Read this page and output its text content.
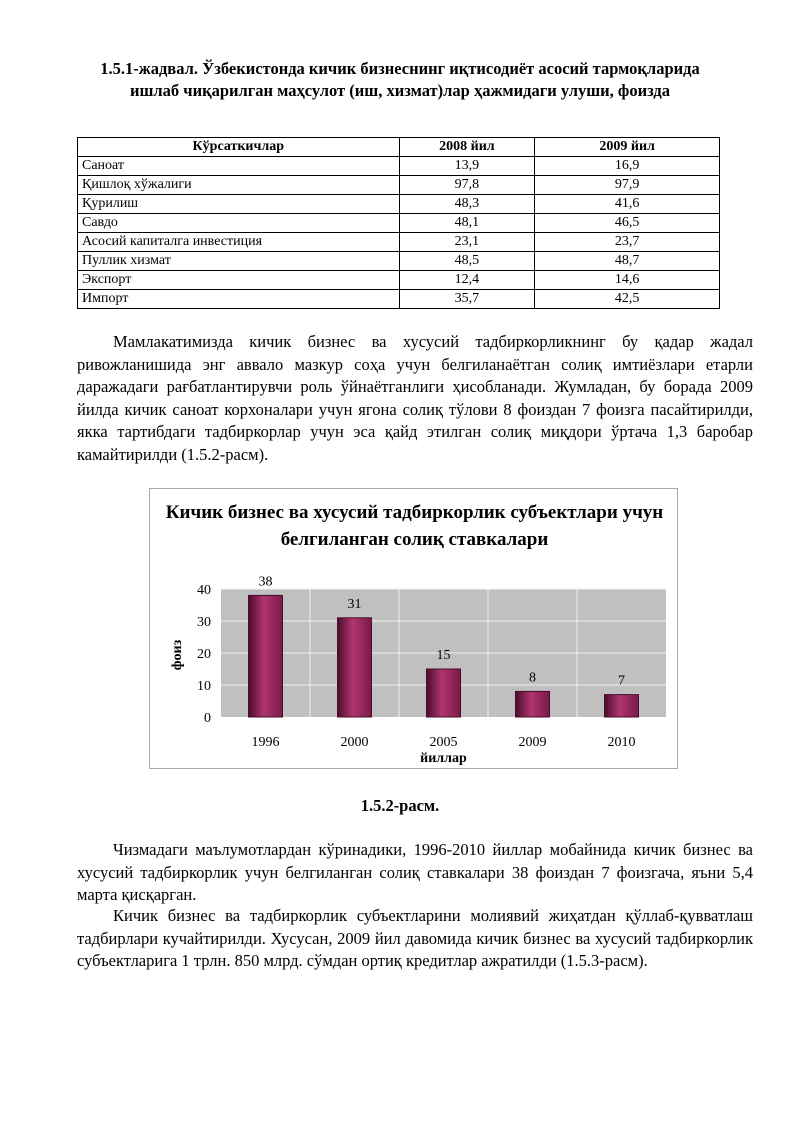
1.5.1-жадвал. Ўзбекистонда кичик бизнеснинг иқтисодиёт асосий тармоқларида ишлаб чиқарилган маҳсулот (иш, хизмат)лар ҳажмидаги улуши, фоизда
Кўрсаткичлар	2008 йил	2009 йил
Саноат	13,9	16,9
Қишлоқ хўжалиги	97,8	97,9
Қурилиш	48,3	41,6
Савдо	48,1	46,5
Асосий капиталга инвестиция	23,1	23,7
Пуллик хизмат	48,5	48,7
Экспорт	12,4	14,6
Импорт	35,7	42,5

Мамлакатимизда кичик бизнес ва хусусий тадбиркорликнинг бу қадар жадал ривожланишида энг аввало мазкур соҳа учун белгиланаётган солиқ имтиёзлари етарли даражадаги рағбатлантирувчи роль ўйнаётганлиги ҳисобланади. Жумладан, бу борада 2009 йилда кичик саноат корхоналари учун ягона солиқ тўлови 8 фоиздан 7 фоизга пасайтирилди, якка тартибдаги тадбиркорлар учун эса қайд этилган солиқ миқдори ўртача 1,3 баробар камайтирилди (1.5.2-расм).

Кичик бизнес ва хусусий тадбиркорлик субъектлари учун белгиланган солиқ ставкалари
38
31
15
8	7
0
10
20
30
40
1996	2000	2005	2009	2010
фоиз
йиллар
1.5.2-расм.

Чизмадаги маълумотлардан кўринадики, 1996-2010 йиллар мобайнида кичик бизнес ва хусусий тадбиркорлик учун белгиланган солиқ ставкалари 38 фоиздан 7 фоизгача, яъни 5,4 марта қисқарган.

Кичик бизнес ва тадбиркорлик субъектларини молиявий жиҳатдан қўллаб-қувватлаш тадбирлари кучайтирилди. Хусусан, 2009 йил давомида кичик бизнес ва хусусий тадбиркорлик субъектларига 1 трлн. 850 млрд. сўмдан ортиқ кредитлар ажратилди (1.5.3-расм).
